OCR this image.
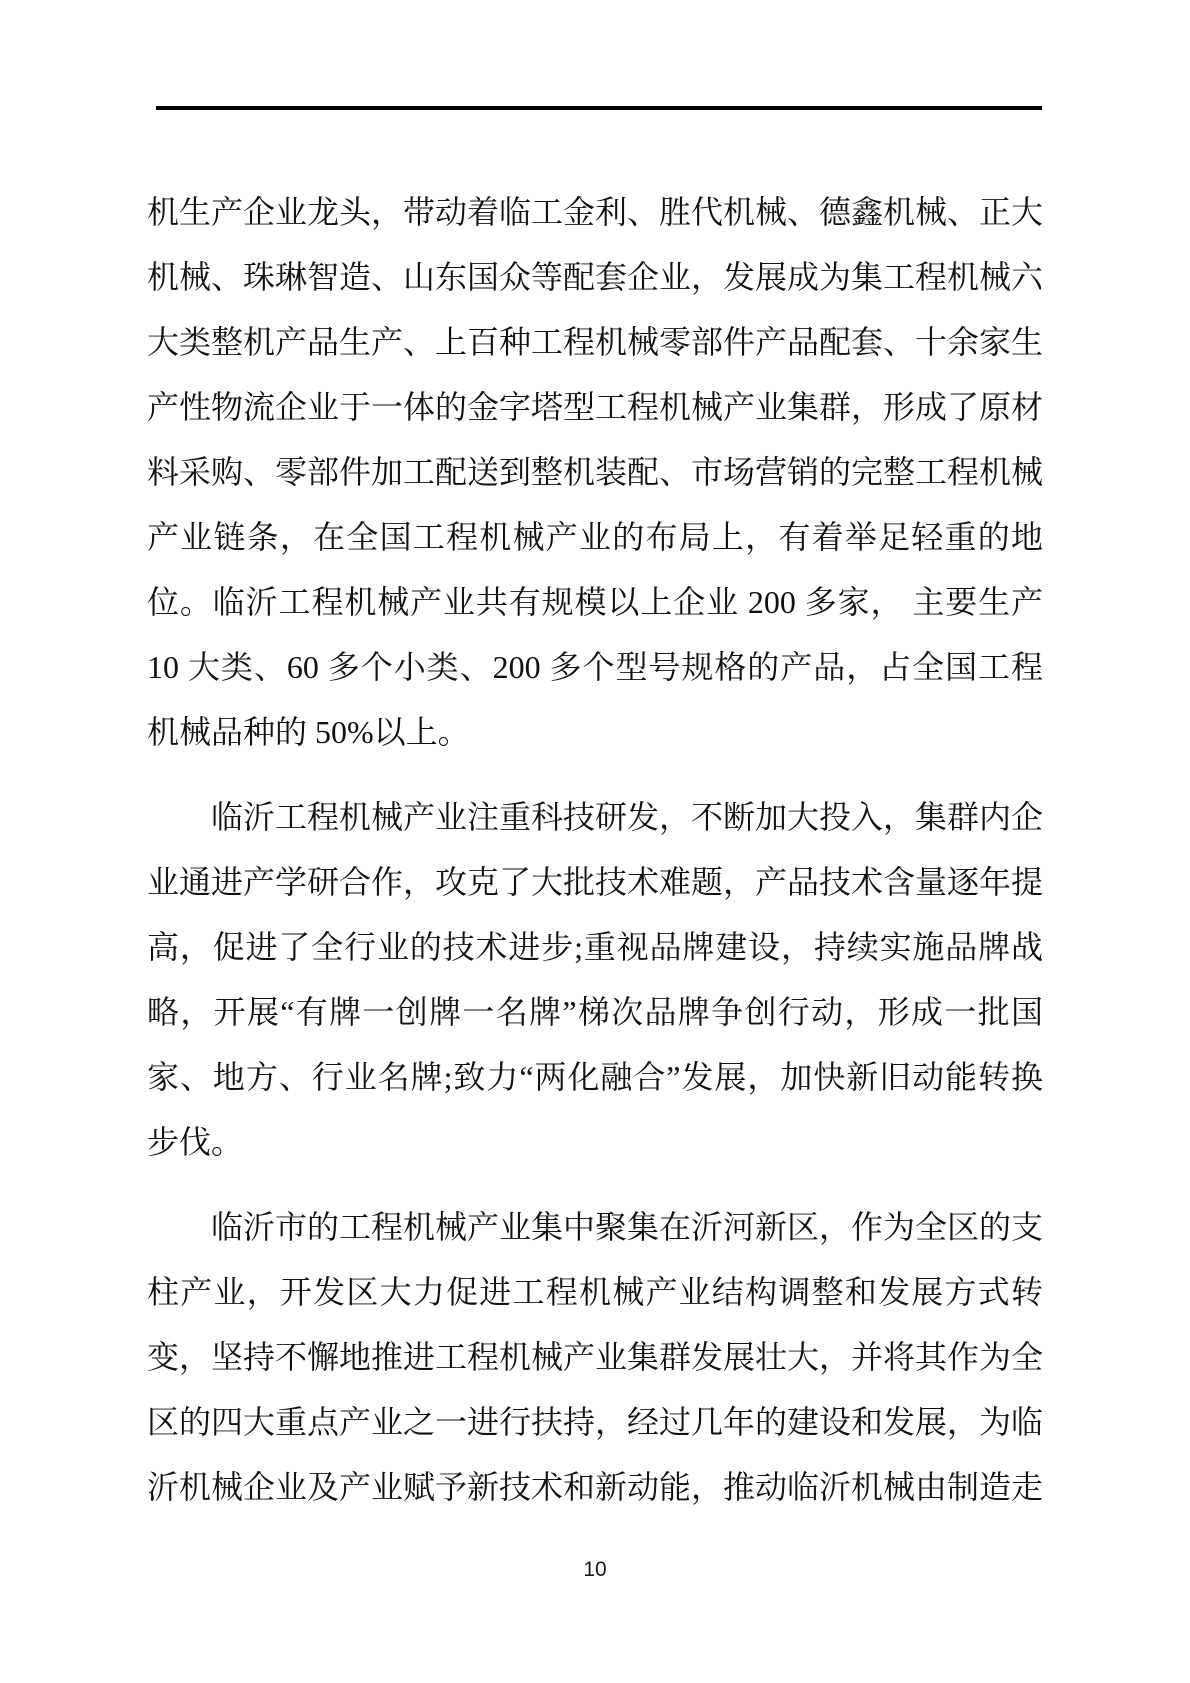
机生产企业龙头，带动着临工金利、胜代机械、德鑫机械、正大机械、珠琳智造、山东国众等配套企业，发展成为集工程机械六大类整机产品生产、上百种工程机械零部件产品配套、十余家生产性物流企业于一体的金字塔型工程机械产业集群，形成了原材料采购、零部件加工配送到整机装配、市场营销的完整工程机械产业链条，在全国工程机械产业的布局上，有着举足轻重的地位。临沂工程机械产业共有规模以上企业 200 多家， 主要生产 10 大类、60 多个小类、200 多个型号规格的产品，占全国工程机械品种的 50%以上。

临沂工程机械产业注重科技研发，不断加大投入，集群内企业通进产学研合作，攻克了大批技术难题，产品技术含量逐年提高，促进了全行业的技术进步;重视品牌建设，持续实施品牌战略，开展“有牌一创牌一名牌”梯次品牌争创行动，形成一批国家、地方、行业名牌;致力“两化融合”发展，加快新旧动能转换步伐。

临沂市的工程机械产业集中聚集在沂河新区，作为全区的支柱产业，开发区大力促进工程机械产业结构调整和发展方式转变，坚持不懈地推进工程机械产业集群发展壮大，并将其作为全区的四大重点产业之一进行扶持，经过几年的建设和发展，为临沂机械企业及产业赋予新技术和新动能，推动临沂机械由制造走

10
